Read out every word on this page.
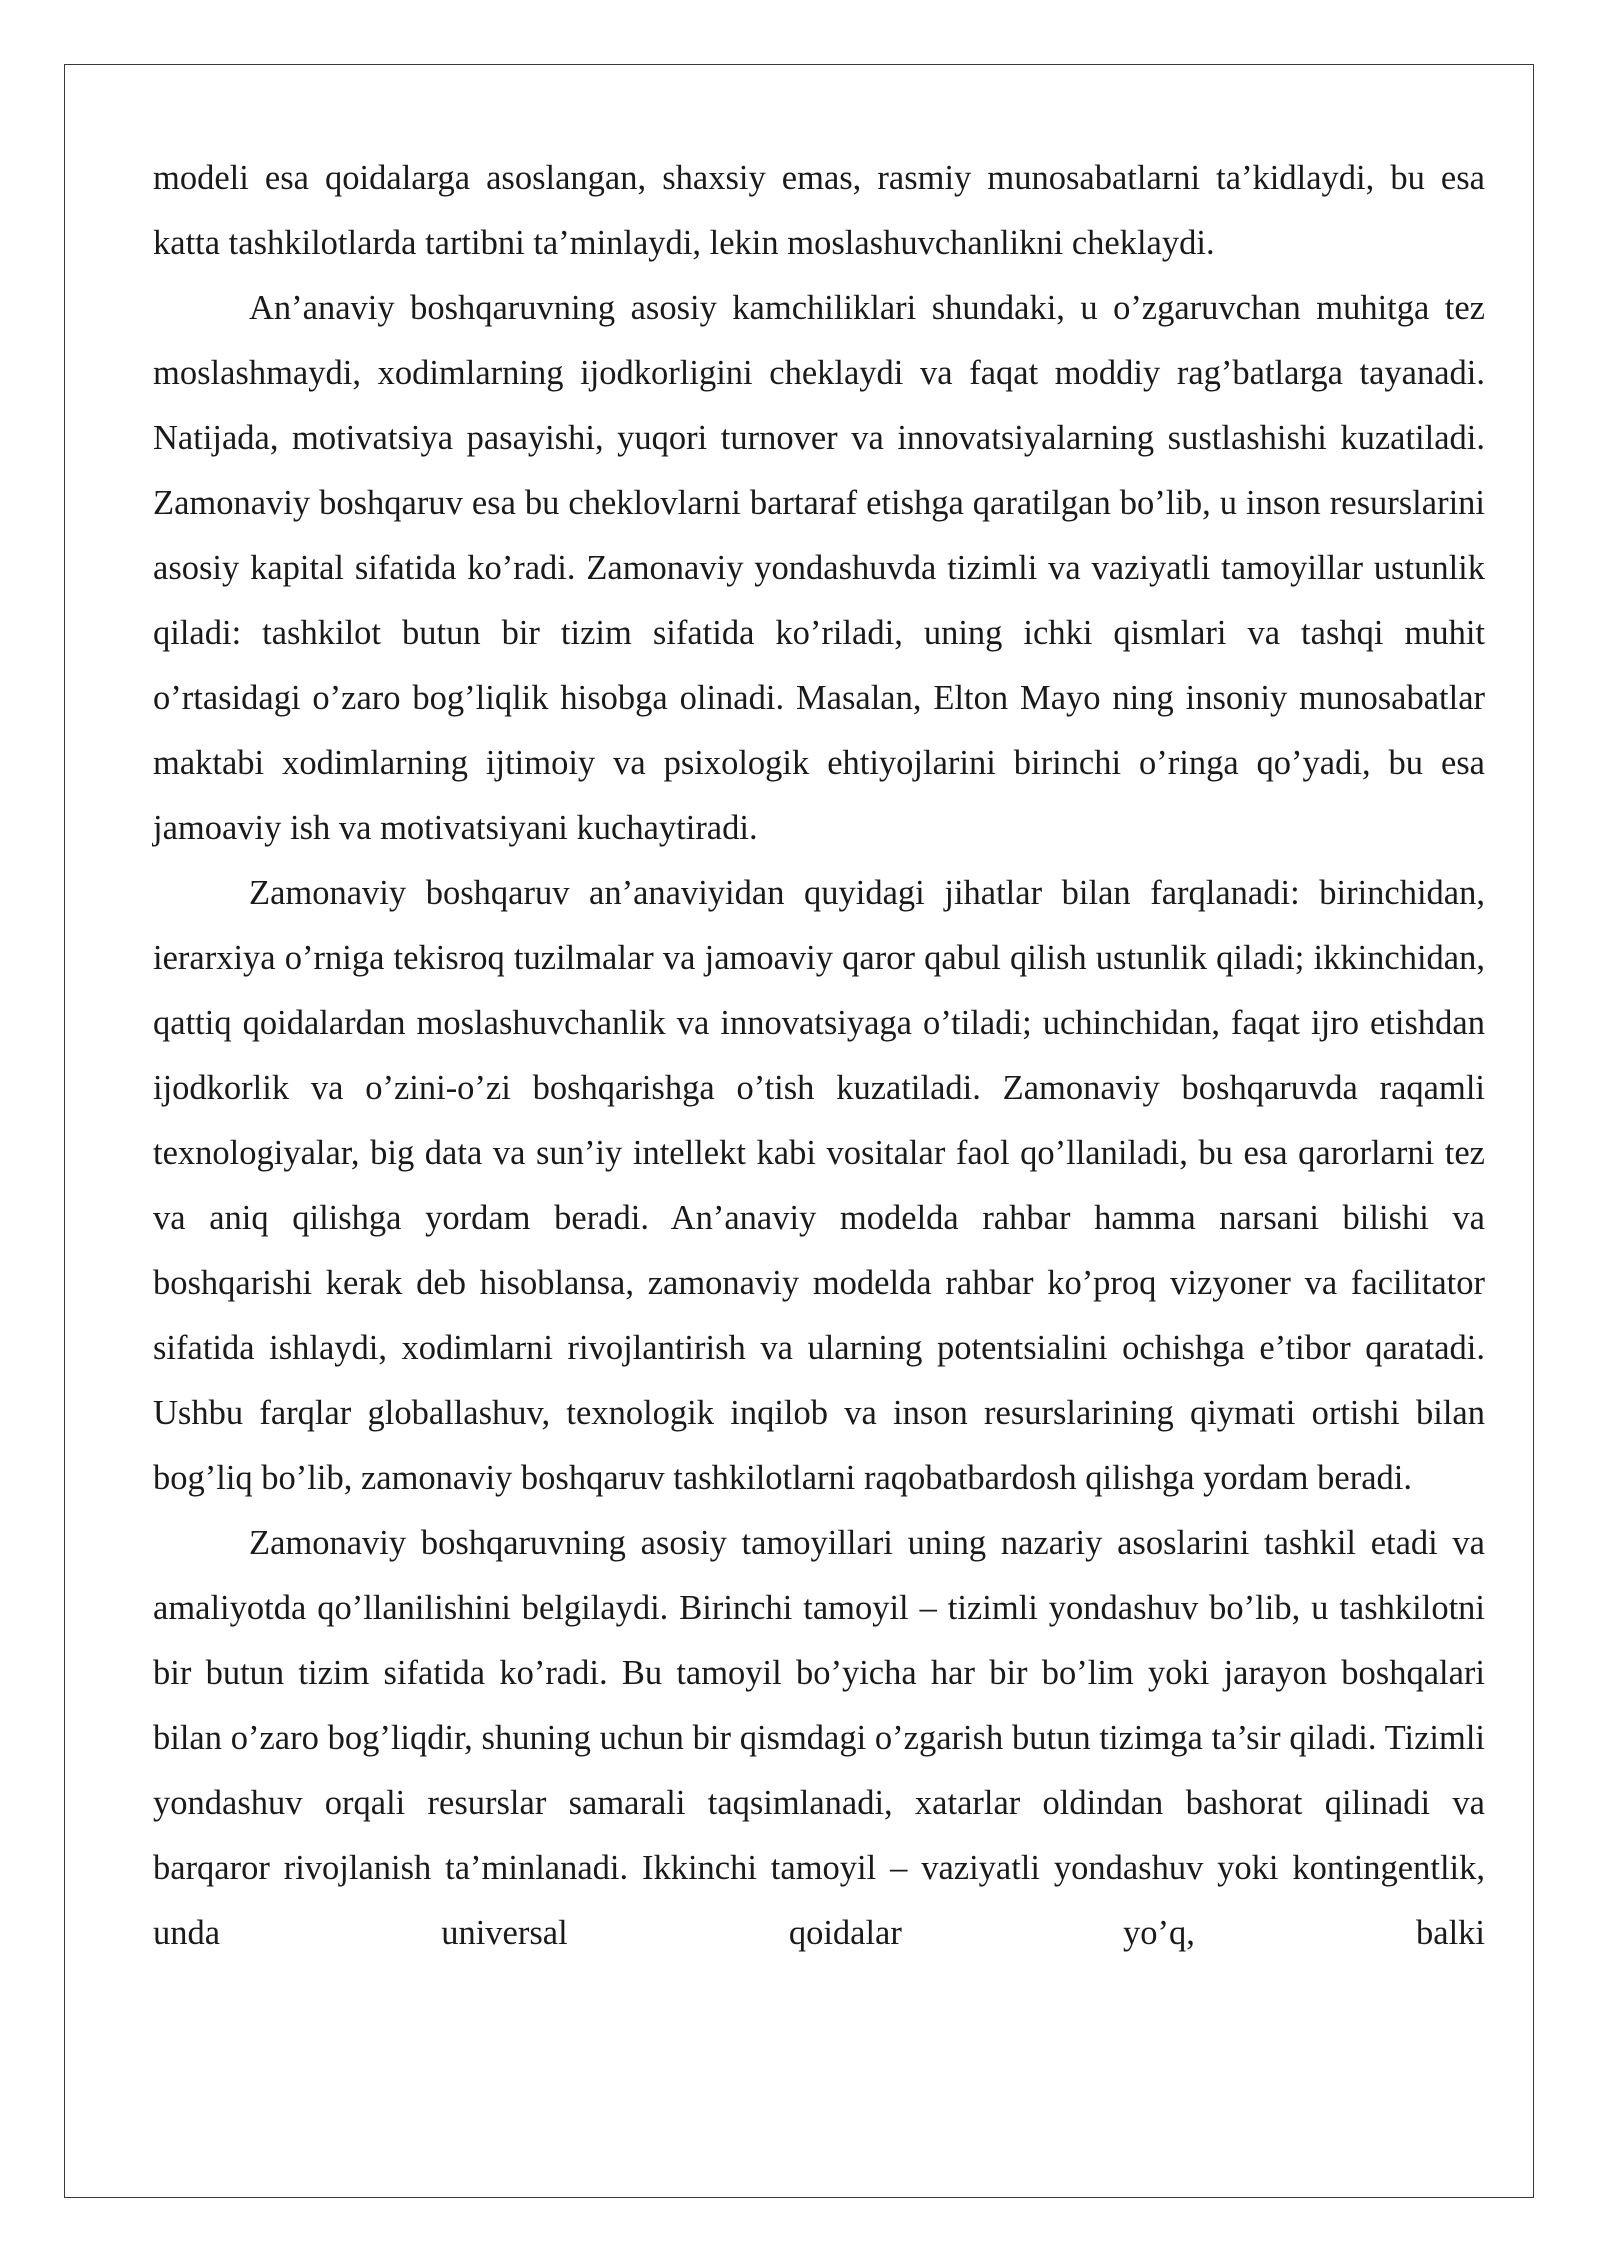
modeli esa qoidalarga asoslangan, shaxsiy emas, rasmiy munosabatlarni ta’kidlaydi, bu esa katta tashkilotlarda tartibni ta’minlaydi, lekin moslashuvchanlikni cheklaydi.

An’anaviy boshqaruvning asosiy kamchiliklari shundaki, u o’zgaruvchan muhitga tez moslashmaydi, xodimlarning ijodkorligini cheklaydi va faqat moddiy rag’batlarga tayanadi. Natijada, motivatsiya pasayishi, yuqori turnover va innovatsiyalarning sustlashishi kuzatiladi. Zamonaviy boshqaruv esa bu cheklovlarni bartaraf etishga qaratilgan bo’lib, u inson resurslarini asosiy kapital sifatida ko’radi. Zamonaviy yondashuvda tizimli va vaziyatli tamoyillar ustunlik qiladi: tashkilot butun bir tizim sifatida ko’riladi, uning ichki qismlari va tashqi muhit o’rtasidagi o’zaro bog’liqlik hisobga olinadi. Masalan, Elton Mayo ning insoniy munosabatlar maktabi xodimlarning ijtimoiy va psixologik ehtiyojlarini birinchi o’ringa qo’yadi, bu esa jamoaviy ish va motivatsiyani kuchaytiradi.

Zamonaviy boshqaruv an’anaviyidan quyidagi jihatlar bilan farqlanadi: birinchidan, ierarxiya o’rniga tekisroq tuzilmalar va jamoaviy qaror qabul qilish ustunlik qiladi; ikkinchidan, qattiq qoidalardan moslashuvchanlik va innovatsiyaga o’tiladi; uchinchidan, faqat ijro etishdan ijodkorlik va o’zini-o’zi boshqarishga o’tish kuzatiladi. Zamonaviy boshqaruvda raqamli texnologiyalar, big data va sun’iy intellekt kabi vositalar faol qo’llaniladi, bu esa qarorlarni tez va aniq qilishga yordam beradi. An’anaviy modelda rahbar hamma narsani bilishi va boshqarishi kerak deb hisoblansa, zamonaviy modelda rahbar ko’proq vizyoner va facilitator sifatida ishlaydi, xodimlarni rivojlantirish va ularning potentsialini ochishga e’tibor qaratadi. Ushbu farqlar globallashuv, texnologik inqilob va inson resurslarining qiymati ortishi bilan bog’liq bo’lib, zamonaviy boshqaruv tashkilotlarni raqobatbardosh qilishga yordam beradi.

Zamonaviy boshqaruvning asosiy tamoyillari uning nazariy asoslarini tashkil etadi va amaliyotda qo’llanilishini belgilaydi. Birinchi tamoyil – tizimli yondashuv bo’lib, u tashkilotni bir butun tizim sifatida ko’radi. Bu tamoyil bo’yicha har bir bo’lim yoki jarayon boshqalari bilan o’zaro bog’liqdir, shuning uchun bir qismdagi o’zgarish butun tizimga ta’sir qiladi. Tizimli yondashuv orqali resurslar samarali taqsimlanadi, xatarlar oldindan bashorat qilinadi va barqaror rivojlanish ta’minlanadi. Ikkinchi tamoyil – vaziyatli yondashuv yoki kontingentlik, unda universal qoidalar yo’q, balki
